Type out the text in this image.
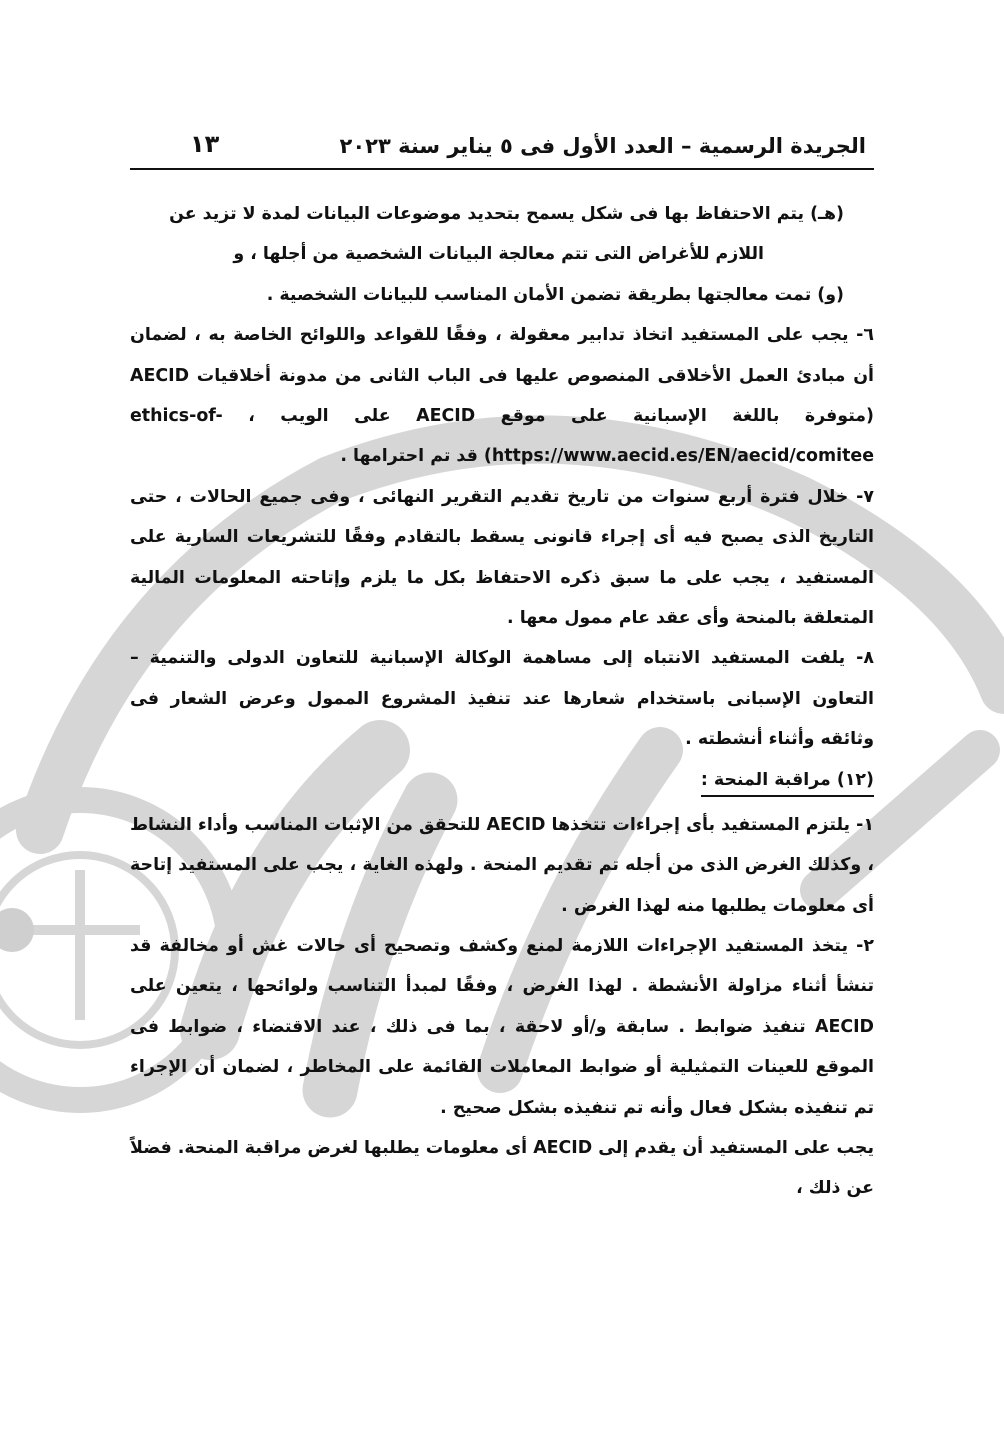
الجريدة الرسمية – العدد الأول فى ٥ يناير سنة ٢٠٢٣
١٣

(هـ) يتم الاحتفاظ بها فى شكل يسمح بتحديد موضوعات البيانات لمدة لا تزيد عن

اللازم للأغراض التى تتم معالجة البيانات الشخصية من أجلها ، و

(و) تمت معالجتها بطريقة تضمن الأمان المناسب للبيانات الشخصية .

٦- يجب على المستفيد اتخاذ تدابير معقولة ، وفقًا للقواعد واللوائح الخاصة به ، لضمان أن مبادئ العمل الأخلاقى المنصوص عليها فى الباب الثانى من مدونة أخلاقيات AECID (متوفرة باللغة الإسبانية على موقع AECID على الويب ، ethics-of-https://www.aecid.es/EN/aecid/comitee) قد تم احترامها .

٧- خلال فترة أربع سنوات من تاريخ تقديم التقرير النهائى ، وفى جميع الحالات ، حتى التاريخ الذى يصبح فيه أى إجراء قانونى يسقط بالتقادم وفقًا للتشريعات السارية على المستفيد ، يجب على ما سبق ذكره الاحتفاظ بكل ما يلزم وإتاحته المعلومات المالية المتعلقة بالمنحة وأى عقد عام ممول معها .

٨- يلفت المستفيد الانتباه إلى مساهمة الوكالة الإسبانية للتعاون الدولى والتنمية – التعاون الإسبانى باستخدام شعارها عند تنفيذ المشروع الممول وعرض الشعار فى وثائقه وأثناء أنشطته .

(١٢) مراقبة المنحة :

١- يلتزم المستفيد بأى إجراءات تتخذها AECID للتحقق من الإثبات المناسب وأداء النشاط ، وكذلك الغرض الذى من أجله تم تقديم المنحة . ولهذه الغاية ، يجب على المستفيد إتاحة أى معلومات يطلبها منه لهذا الغرض .

٢- يتخذ المستفيد الإجراءات اللازمة لمنع وكشف وتصحيح أى حالات غش أو مخالفة قد تنشأ أثناء مزاولة الأنشطة . لهذا الغرض ، وفقًا لمبدأ التناسب ولوائحها ، يتعين على AECID تنفيذ ضوابط . سابقة و/أو لاحقة ، بما فى ذلك ، عند الاقتضاء ، ضوابط فى الموقع للعينات التمثيلية أو ضوابط المعاملات القائمة على المخاطر ، لضمان أن الإجراء تم تنفيذه بشكل فعال وأنه تم تنفيذه بشكل صحيح .

يجب على المستفيد أن يقدم إلى AECID أى معلومات يطلبها لغرض مراقبة المنحة. فضلاً عن ذلك ،
